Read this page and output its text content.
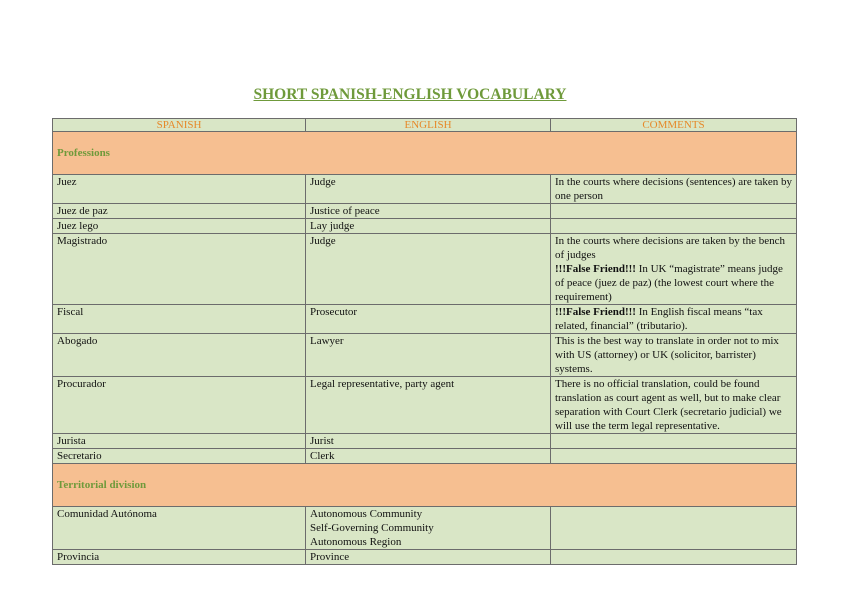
SHORT SPANISH-ENGLISH VOCABULARY
SPANISH	ENGLISH	COMMENTS
Professions		
Juez	Judge	In the courts where decisions (sentences) are taken by one person

Juez de paz	Justice of peace	

Juez lego	Lay judge	

Magistrado	Judge	In the courts where decisions are taken by the bench of judges
!!!False Friend!!! In UK “magistrate” means judge of peace (juez de paz) (the lowest court where the requirement)

Fiscal	Prosecutor	!!!False Friend!!! In English fiscal means “tax related, financial” (tributario).

Abogado	Lawyer	This is the best way to translate in order not to mix with US (attorney) or UK (solicitor, barrister) systems.

Procurador	Legal representative, party agent	There is no official translation, could be found translation as court agent as well, but to make clear separation with Court Clerk (secretario judicial) we will use the term legal representative.

Jurista	Jurist	

Secretario	Clerk	

Territorial division		
Comunidad Autónoma	Autonomous Community
Self-Governing Community
Autonomous Region	

Provincia	Province	
